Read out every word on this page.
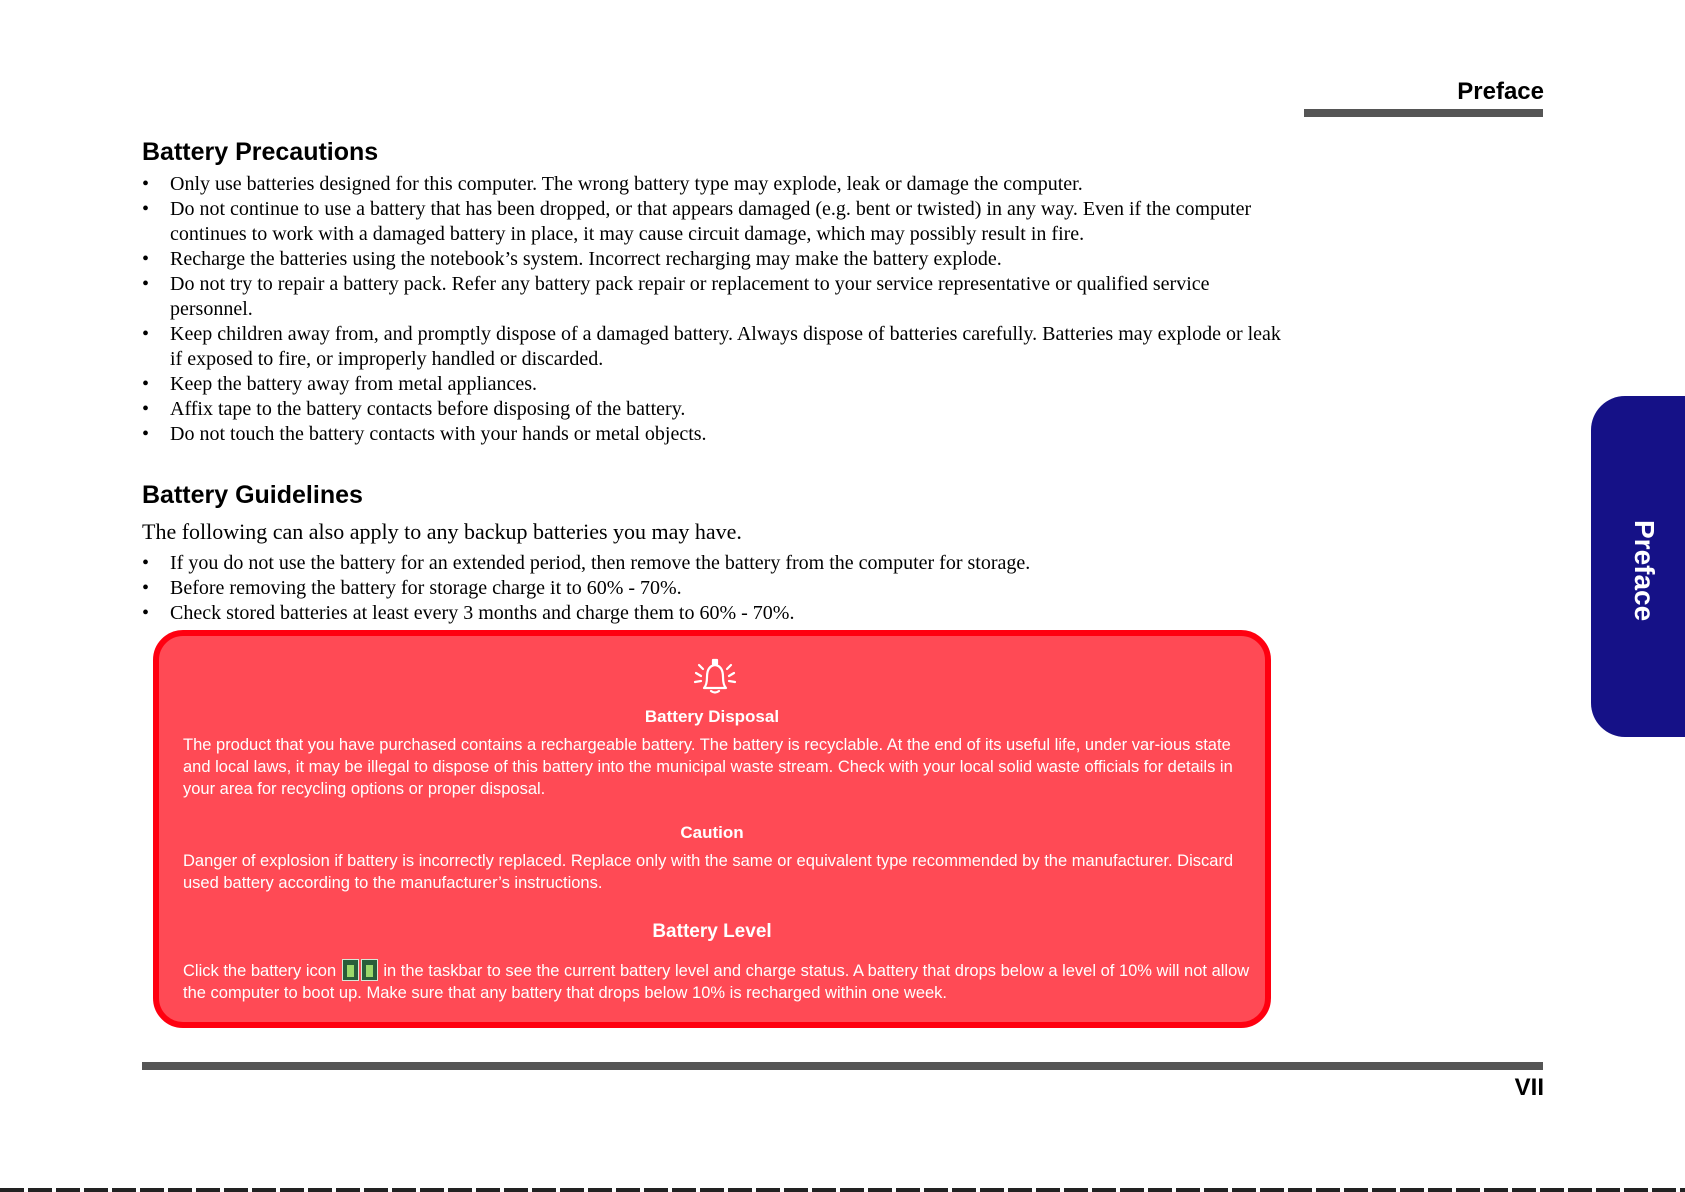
Preface
Preface
Battery Precautions
• Only use batteries designed for this computer. The wrong battery type may explode, leak or damage the computer.
• Do not continue to use a battery that has been dropped, or that appears damaged (e.g. bent or twisted) in any way. Even if the computer continues to work with a damaged battery in place, it may cause circuit damage, which may possibly result in fire.
• Recharge the batteries using the notebook’s system. Incorrect recharging may make the battery explode.
• Do not try to repair a battery pack. Refer any battery pack repair or replacement to your service representative or qualified service personnel.
• Keep children away from, and promptly dispose of a damaged battery. Always dispose of batteries carefully. Batteries may explode or leak if exposed to fire, or improperly handled or discarded.
• Keep the battery away from metal appliances.
• Affix tape to the battery contacts before disposing of the battery.
• Do not touch the battery contacts with your hands or metal objects.
Battery Guidelines

The following can also apply to any backup batteries you may have.

• If you do not use the battery for an extended period, then remove the battery from the computer for storage.
• Before removing the battery for storage charge it to 60% - 70%.
• Check stored batteries at least every 3 months and charge them to 60% - 70%.
Battery Disposal
The product that you have purchased contains a rechargeable battery. The battery is recyclable. At the end of its useful life, under var-ious state and local laws, it may be illegal to dispose of this battery into the municipal waste stream. Check with your local solid waste officials for details in your area for recycling options or proper disposal.
Caution
Danger of explosion if battery is incorrectly replaced. Replace only with the same or equivalent type recommended by the manufacturer. Discard used battery according to the manufacturer’s instructions.
Battery Level
Click the battery icon	in the taskbar to see the current battery level and charge status. A battery that drops below a level of 10% will not allow the computer to boot up. Make sure that any battery that drops below 10% is recharged within one week.
VII
